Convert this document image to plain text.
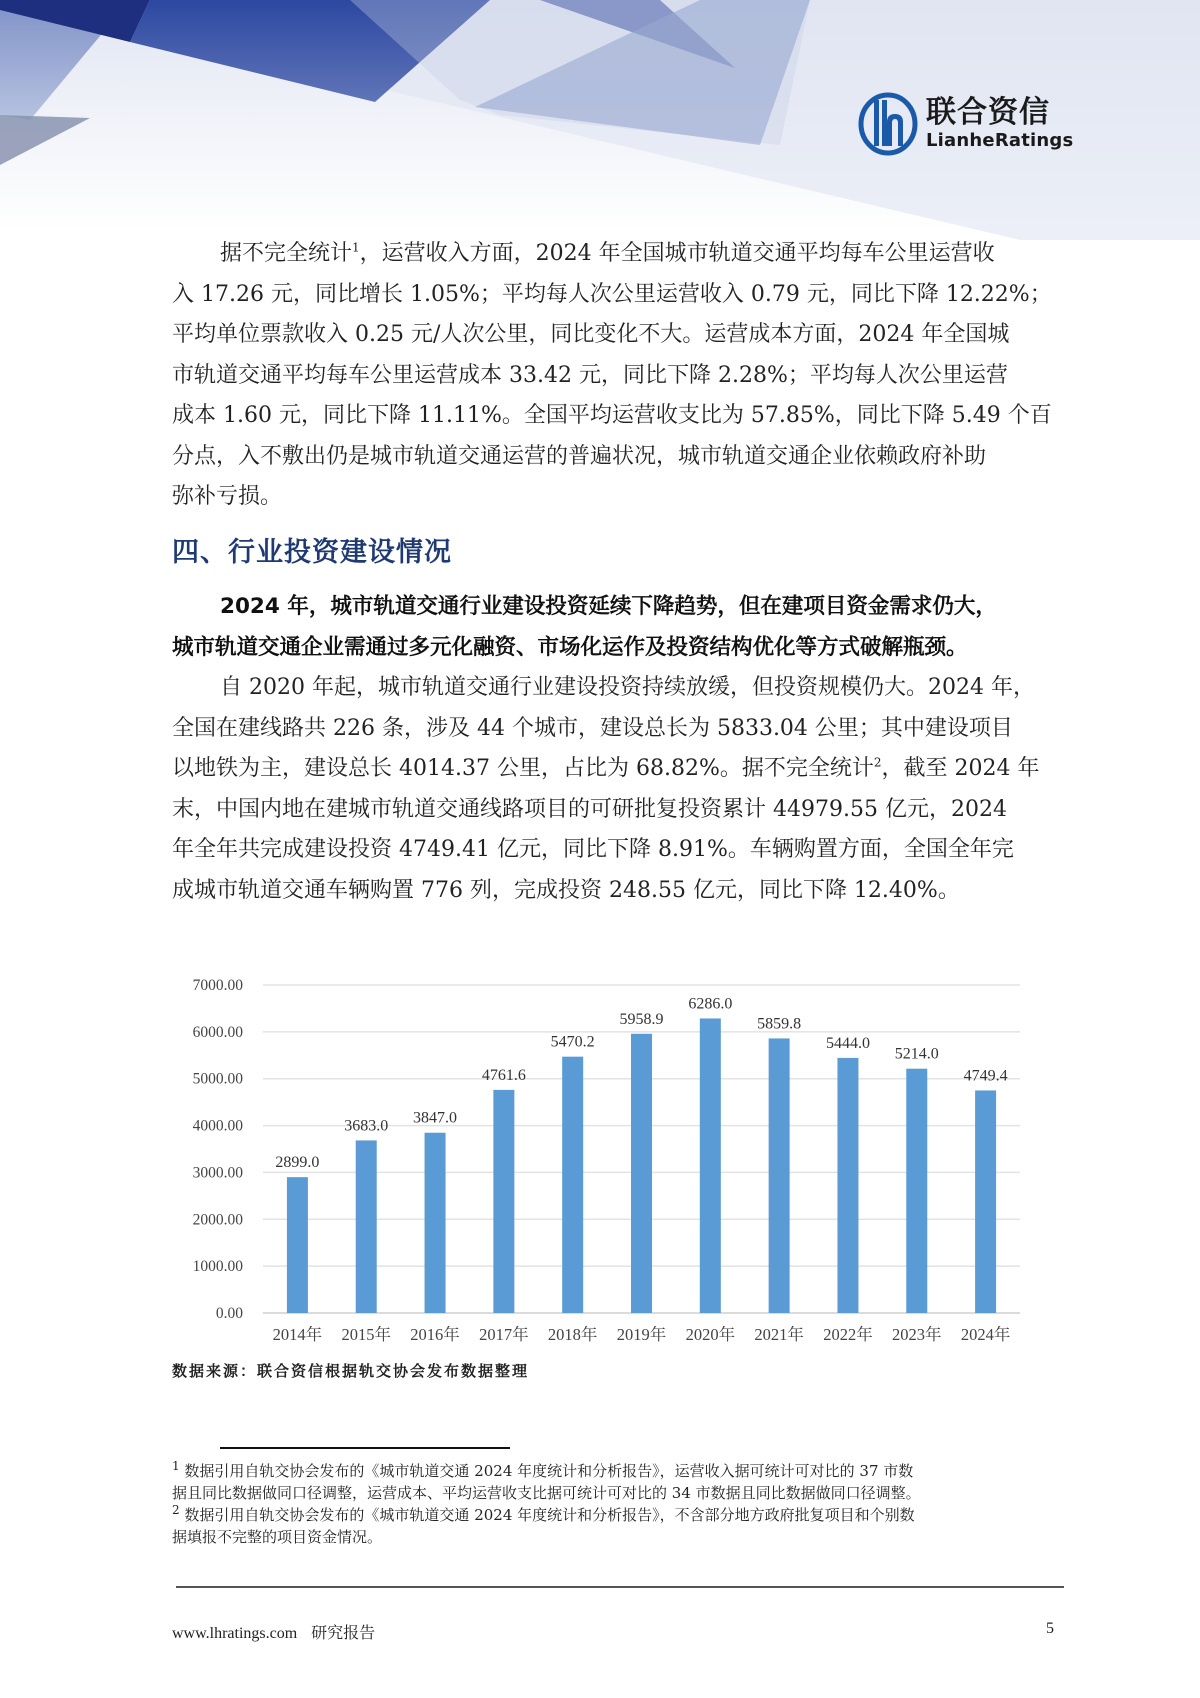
联合资信
LianheRatings
据不完全统计$^1$，运营收入方面，2024 年全国城市轨道交通平均每车公里运营收
入 17.26 元，同比增长 1.05%；平均每人次公里运营收入 0.79 元，同比下降 12.22%；
平均单位票款收入 0.25 元/人次公里，同比变化不大。运营成本方面，2024 年全国城
市轨道交通平均每车公里运营成本 33.42 元，同比下降 2.28%；平均每人次公里运营
成本 1.60 元，同比下降 11.11%。全国平均运营收支比为 57.85%，同比下降 5.49 个百
分点，入不敷出仍是城市轨道交通运营的普遍状况，城市轨道交通企业依赖政府补助
弥补亏损。
四、行业投资建设情况
2024 年，城市轨道交通行业建设投资延续下降趋势，但在建项目资金需求仍大，
城市轨道交通企业需通过多元化融资、市场化运作及投资结构优化等方式破解瓶颈。
自 2020 年起，城市轨道交通行业建设投资持续放缓，但投资规模仍大。2024 年，
全国在建线路共 226 条，涉及 44 个城市，建设总长为 5833.04 公里；其中建设项目
以地铁为主，建设总长 4014.37 公里，占比为 68.82%。据不完全统计$^2$，截至 2024 年
末，中国内地在建城市轨道交通线路项目的可研批复投资累计 44979.55 亿元，2024
年全年共完成建设投资 4749.41 亿元，同比下降 8.91%。车辆购置方面，全国全年完
成城市轨道交通车辆购置 776 列，完成投资 248.55 亿元，同比下降 12.40%。
0.00
1000.00
2000.00
3000.00
4000.00
5000.00
6000.00
7000.00
2899.0
3683.0 3847.0
4761.6
5470.2
5958.9
6286.0
5859.8
5444.0
5214.0
4749.4
2014年 2015年 2016年 2017年 2018年 2019年 2020年 2021年 2022年 2023年 2024年
数据来源：联合资信根据轨交协会发布数据整理
$^1$ 数据引用自轨交协会发布的《城市轨道交通 2024 年度统计和分析报告》，运营收入据可统计可对比的 37 市数
据且同比数据做同口径调整，运营成本、平均运营收支比据可统计可对比的 34 市数据且同比数据做同口径调整。
$^2$ 数据引用自轨交协会发布的《城市轨道交通 2024 年度统计和分析报告》，不含部分地方政府批复项目和个别数
据填报不完整的项目资金情况。
www.lhratings.com 研究报告	5
